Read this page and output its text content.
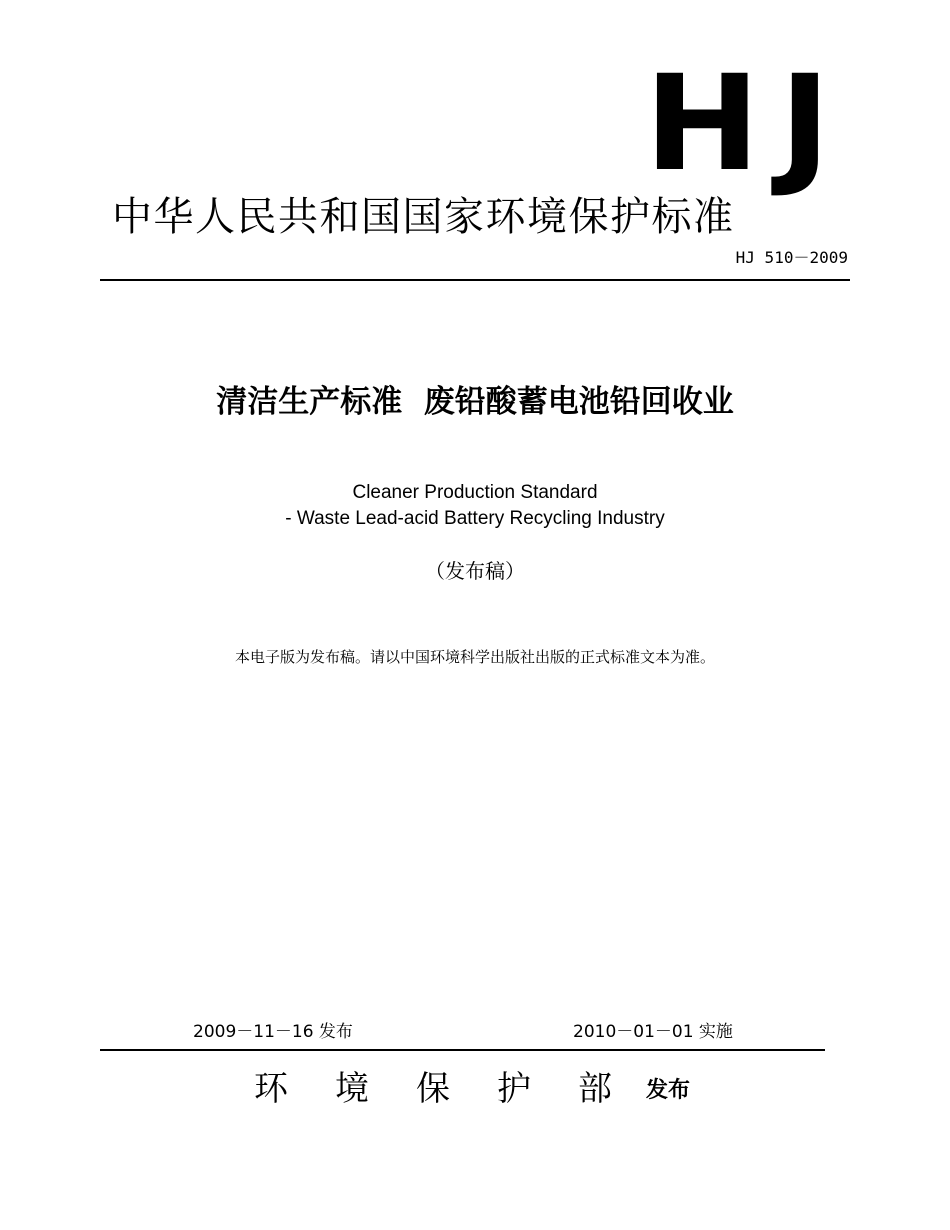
HJ
中华人民共和国国家环境保护标准
HJ 510－2009
清洁生产标准  废铅酸蓄电池铅回收业
Cleaner Production Standard
- Waste Lead-acid Battery Recycling Industry
（发布稿）
本电子版为发布稿。请以中国环境科学出版社出版的正式标准文本为准。
2009－11－16 发布	2010－01－01 实施
环境保护部
发布
